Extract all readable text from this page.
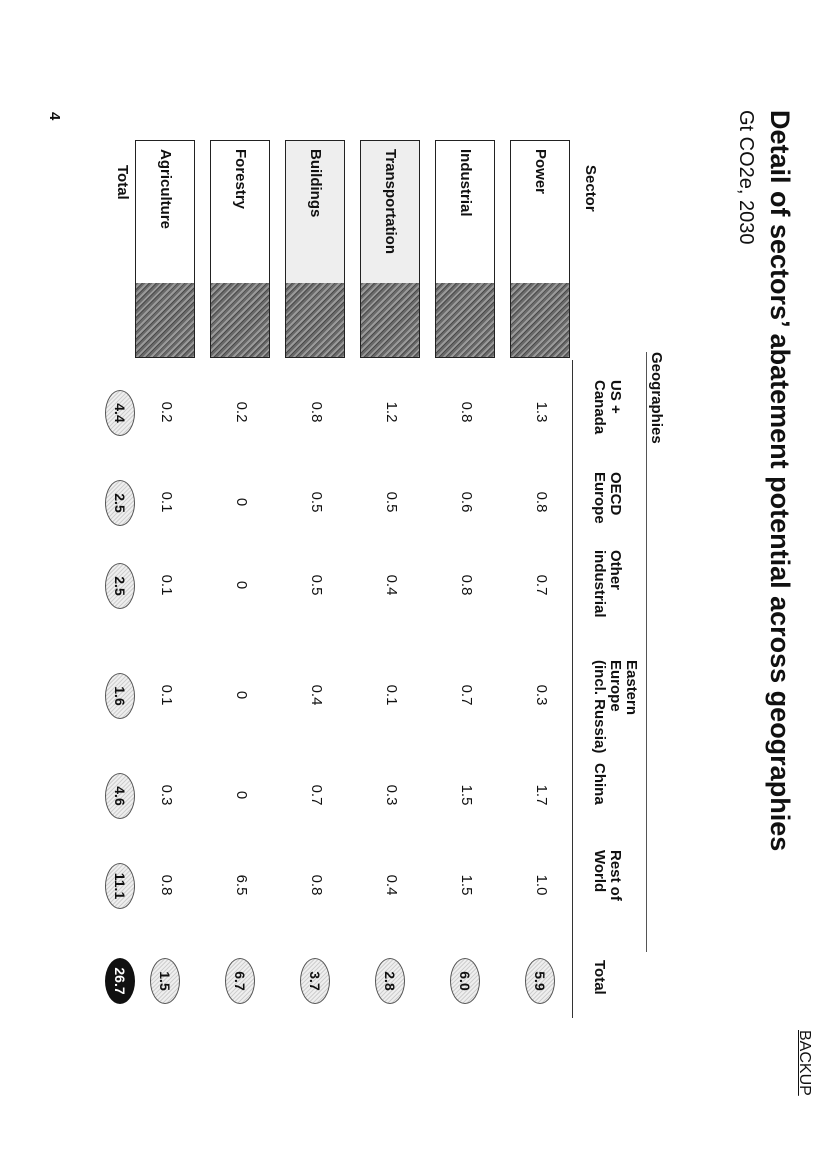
Detail of sectors’ abatement potential across geographies
Gt CO2e, 2030
BACKUP
Geographies
Sector
US +
Canada
OECD
Europe
Other
industrial
Eastern
Europe
(incl. Russia)
China
Rest of
World
Total
Power
1.3
0.8
0.7
0.3
1.7
1.0
5.9
Industrial
0.8
0.6
0.8
0.7
1.5
1.5
6.0
Transportation
1.2
0.5
0.4
0.1
0.3
0.4
2.8
Buildings
0.8
0.5
0.5
0.4
0.7
0.8
3.7
Forestry
0.2
0
0
0
0
6.5
6.7
Agriculture
0.2
0.1
0.1
0.1
0.3
0.8
1.5
Total
4.4
2.5
2.5
1.6
4.6
11.1
26.7
4
